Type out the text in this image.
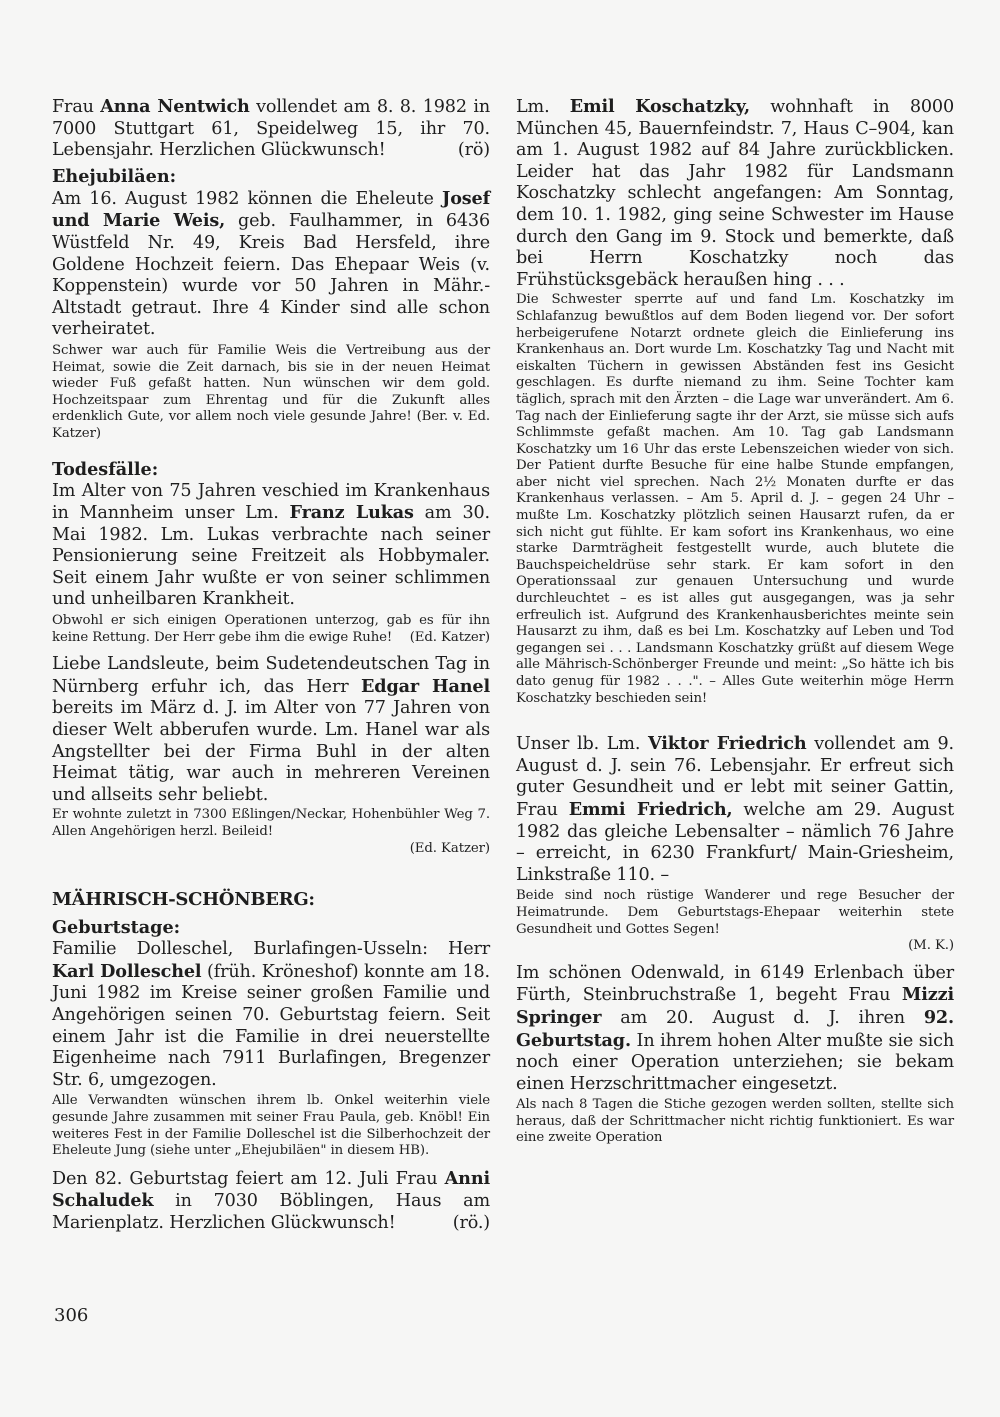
Frau Anna Nentwich vollendet am 8. 8. 1982 in 7000 Stuttgart 61, Speidelweg 15, ihr 70. Lebensjahr. Herzlichen Glückwunsch!	(rö)

Ehejubiläen:

Am 16. August 1982 können die Eheleute Josef und Marie Weis, geb. Faulhammer, in 6436 Wüstfeld Nr. 49, Kreis Bad Hersfeld, ihre Goldene Hochzeit feiern. Das Ehepaar Weis (v. Koppenstein) wurde vor 50 Jahren in Mähr.-Altstadt getraut. Ihre 4 Kinder sind alle schon verheiratet.

Schwer war auch für Familie Weis die Vertreibung aus der Heimat, sowie die Zeit darnach, bis sie in der neuen Heimat wieder Fuß gefaßt hatten. Nun wünschen wir dem gold. Hochzeitspaar zum Ehrentag und für die Zukunft alles erdenklich Gute, vor allem noch viele gesunde Jahre! (Ber. v. Ed. Katzer)

Todesfälle:

Im Alter von 75 Jahren veschied im Krankenhaus in Mannheim unser Lm. Franz Lukas am 30. Mai 1982. Lm. Lukas verbrachte nach seiner Pensionierung seine Freitzeit als Hobbymaler. Seit einem Jahr wußte er von seiner schlimmen und unheilbaren Krankheit.

Obwohl er sich einigen Operationen unterzog, gab es für ihn keine Rettung. Der Herr gebe ihm die ewige Ruhe! (Ed. Katzer)

Liebe Landsleute, beim Sudetendeutschen Tag in Nürnberg erfuhr ich, das Herr Edgar Hanel bereits im März d. J. im Alter von 77 Jahren von dieser Welt abberufen wurde. Lm. Hanel war als Angstellter bei der Firma Buhl in der alten Heimat tätig, war auch in mehreren Vereinen und allseits sehr beliebt.

Er wohnte zuletzt in 7300 Eßlingen/Neckar, Hohenbühler Weg 7. Allen Angehörigen herzl. Beileid!
(Ed. Katzer)

MÄHRISCH-SCHÖNBERG:
Geburtstage:

Familie Dolleschel, Burlafingen-Usseln: Herr Karl Dolleschel (früh. Kröneshof) konnte am 18. Juni 1982 im Kreise seiner großen Familie und Angehörigen seinen 70. Geburtstag feiern. Seit einem Jahr ist die Familie in drei neuerstellte Eigenheime nach 7911 Burlafingen, Bregenzer Str. 6, umgezogen.

Alle Verwandten wünschen ihrem lb. Onkel weiterhin viele gesunde Jahre zusammen mit seiner Frau Paula, geb. Knöbl! Ein weiteres Fest in der Familie Dolleschel ist die Silberhochzeit der Eheleute Jung (siehe unter „Ehejubiläen" in diesem HB).

Den 82. Geburtstag feiert am 12. Juli Frau Anni Schaludek in 7030 Böblingen, Haus am Marienplatz. Herzlichen Glückwunsch!	(rö.)

Lm. Emil Koschatzky, wohnhaft in 8000 München 45, Bauernfeindstr. 7, Haus C–904, kan am 1. August 1982 auf 84 Jahre zurückblicken. Leider hat das Jahr 1982 für Landsmann Koschatzky schlecht angefangen: Am Sonntag, dem 10. 1. 1982, ging seine Schwester im Hause durch den Gang im 9. Stock und bemerkte, daß bei Herrn Koschatzky noch das Frühstücksgebäck heraußen hing . . .

Die Schwester sperrte auf und fand Lm. Koschatzky im Schlafanzug bewußtlos auf dem Boden liegend vor. Der sofort herbeigerufene Notarzt ordnete gleich die Einlieferung ins Krankenhaus an. Dort wurde Lm. Koschatzky Tag und Nacht mit eiskalten Tüchern in gewissen Abständen fest ins Gesicht geschlagen. Es durfte niemand zu ihm. Seine Tochter kam täglich, sprach mit den Ärzten – die Lage war unverändert. Am 6. Tag nach der Einlieferung sagte ihr der Arzt, sie müsse sich aufs Schlimmste gefaßt machen. Am 10. Tag gab Landsmann Koschatzky um 16 Uhr das erste Lebenszeichen wieder von sich. Der Patient durfte Besuche für eine halbe Stunde empfangen, aber nicht viel sprechen. Nach 2½ Monaten durfte er das Krankenhaus verlassen. – Am 5. April d. J. – gegen 24 Uhr – mußte Lm. Koschatzky plötzlich seinen Hausarzt rufen, da er sich nicht gut fühlte. Er kam sofort ins Krankenhaus, wo eine starke Darmträgheit festgestellt wurde, auch blutete die Bauchspeicheldrüse sehr stark. Er kam sofort in den Operationssaal zur genauen Untersuchung und wurde durchleuchtet – es ist alles gut ausgegangen, was ja sehr erfreulich ist. Aufgrund des Krankenhausberichtes meinte sein Hausarzt zu ihm, daß es bei Lm. Koschatzky auf Leben und Tod gegangen sei . . . Landsmann Koschatzky grüßt auf diesem Wege alle Mährisch-Schönberger Freunde und meint: „So hätte ich bis dato genug für 1982 . . .". – Alles Gute weiterhin möge Herrn Koschatzky beschieden sein!

Unser lb. Lm. Viktor Friedrich vollendet am 9. August d. J. sein 76. Lebensjahr. Er erfreut sich guter Gesundheit und er lebt mit seiner Gattin, Frau Emmi Friedrich, welche am 29. August 1982 das gleiche Lebensalter – nämlich 76 Jahre – erreicht, in 6230 Frankfurt/ Main-Griesheim, Linkstraße 110. –

Beide sind noch rüstige Wanderer und rege Besucher der Heimatrunde. Dem Geburtstags-Ehepaar weiterhin stete Gesundheit und Gottes Segen!
(M. K.)

Im schönen Odenwald, in 6149 Erlenbach über Fürth, Steinbruchstraße 1, begeht Frau Mizzi Springer am 20. August d. J. ihren 92. Geburtstag. In ihrem hohen Alter mußte sie sich noch einer Operation unterziehen; sie bekam einen Herzschrittmacher eingesetzt.

Als nach 8 Tagen die Stiche gezogen werden sollten, stellte sich heraus, daß der Schrittmacher nicht richtig funktioniert. Es war eine zweite Operation

306
